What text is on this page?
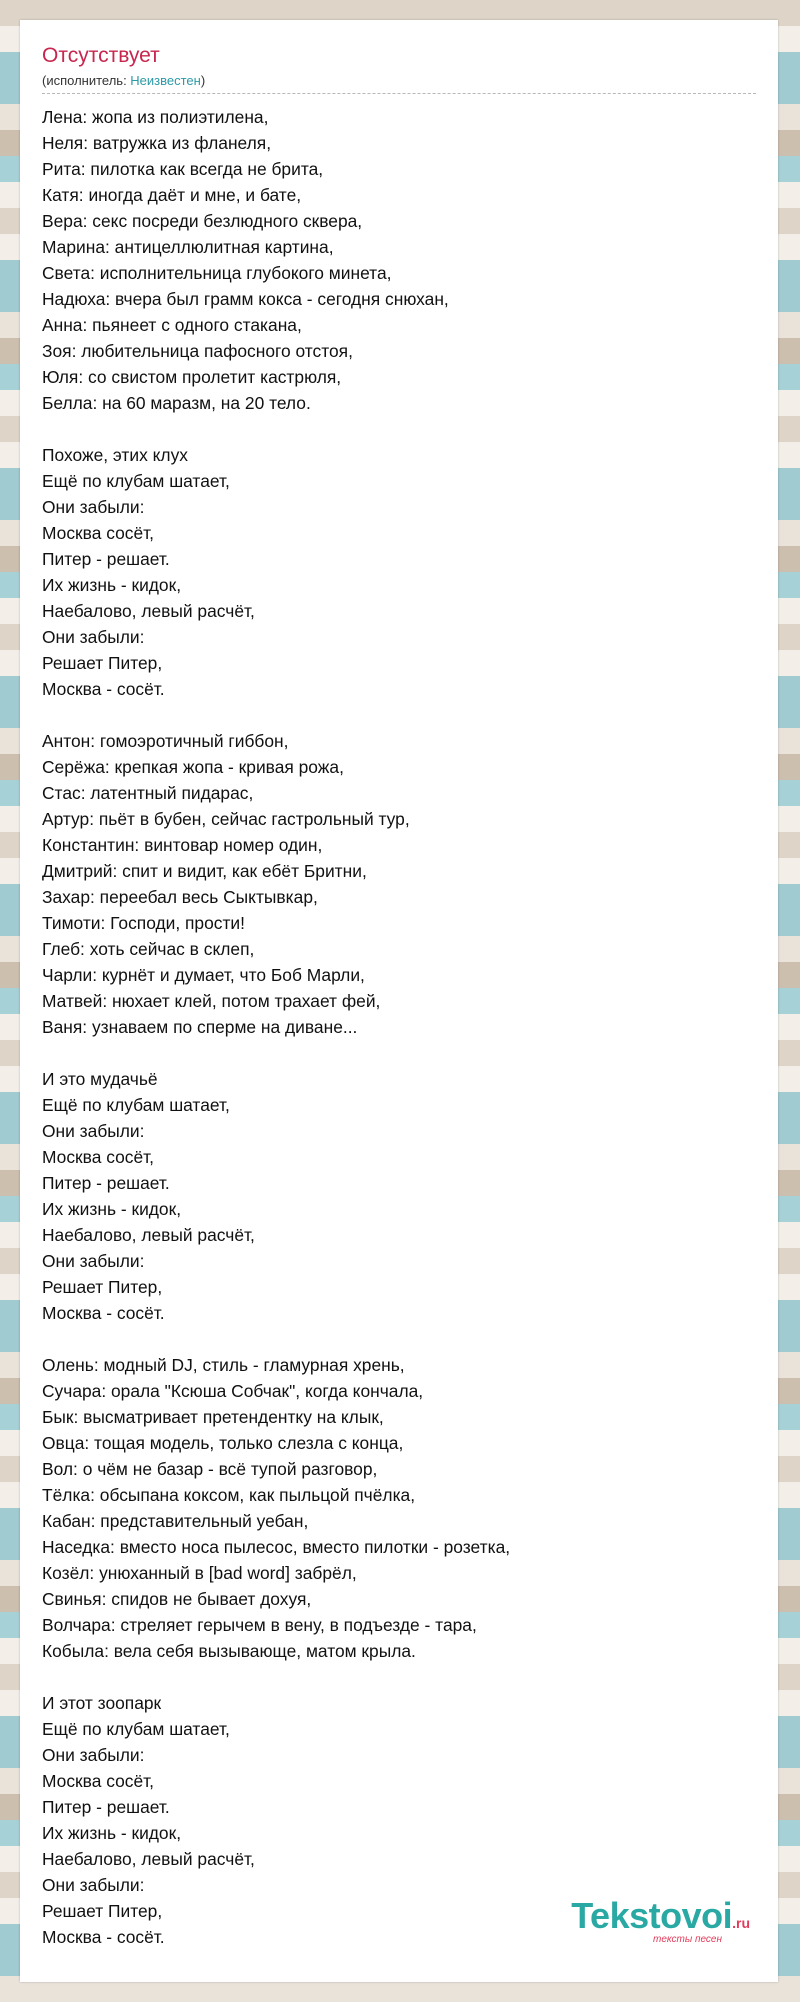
Отсутствует
(исполнитель: Неизвестен)
Лена: жопа из полиэтилена,
Неля: ватружка из фланеля,
Рита: пилотка как всегда не брита,
Катя: иногда даёт и мне, и бате,
Вера: секс посреди безлюдного сквера,
Марина: антицеллюлитная картина,
Света: исполнительница глубокого минета,
Надюха: вчера был грамм кокса - сегодня снюхан,
Анна: пьянеет с одного стакана,
Зоя: любительница пафосного отстоя,
Юля: со свистом пролетит кастрюля,
Белла: на 60 маразм, на 20 тело.
Похоже, этих клух
Ещё по клубам шатает,
Они забыли:
Москва сосёт,
Питер - решает.
Их жизнь - кидок,
Наебалово, левый расчёт,
Они забыли:
Решает Питер,
Москва - сосёт.
Антон: гомоэротичный гиббон,
Серёжа: крепкая жопа - кривая рожа,
Стас: латентный пидарас,
Артур: пьёт в бубен, сейчас гастрольный тур,
Константин: винтовар номер один,
Дмитрий: спит и видит, как ебёт Бритни,
Захар: переебал весь Сыктывкар,
Тимоти: Господи, прости!
Глеб: хоть сейчас в склеп,
Чарли: курнёт и думает, что Боб Марли,
Матвей: нюхает клей, потом трахает фей,
Ваня: узнаваем по сперме на диване...
И это мудачьё
Ещё по клубам шатает,
Они забыли:
Москва сосёт,
Питер - решает.
Их жизнь - кидок,
Наебалово, левый расчёт,
Они забыли:
Решает Питер,
Москва - сосёт.
Олень: модный DJ, стиль - гламурная хрень,
Сучара: орала "Ксюша Собчак", когда кончала,
Бык: высматривает претендентку на клык,
Овца: тощая модель, только слезла с конца,
Вол: о чём не базар - всё тупой разговор,
Тёлка: обсыпана коксом, как пыльцой пчёлка,
Кабан: представительный уебан,
Наседка: вместо носа пылесос, вместо пилотки - розетка,
Козёл: унюханный в [bad word] забрёл,
Свинья: спидов не бывает дохуя,
Волчара: стреляет герычем в вену, в подъезде - тара,
Кобыла: вела себя вызывающе, матом крыла.
И этот зоопарк
Ещё по клубам шатает,
Они забыли:
Москва сосёт,
Питер - решает.
Их жизнь - кидок,
Наебалово, левый расчёт,
Они забыли:
Решает Питер,
Москва - сосёт.
Tekstovoi.ru
тексты песен
